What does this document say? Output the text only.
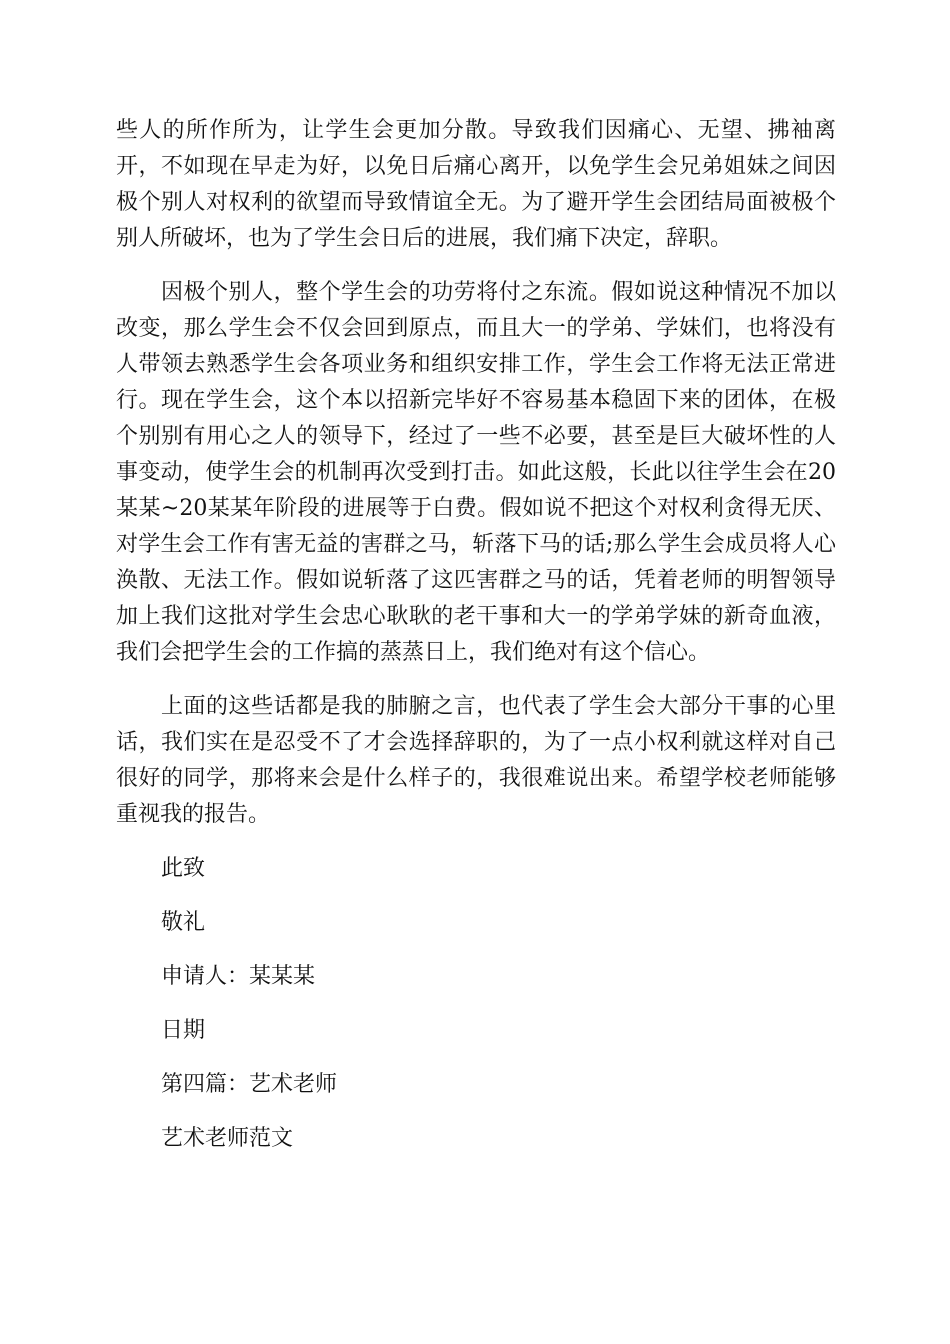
些人的所作所为，让学生会更加分散。导致我们因痛心、无望、拂袖离开，不如现在早走为好，以免日后痛心离开，以免学生会兄弟姐妹之间因极个别人对权利的欲望而导致情谊全无。为了避开学生会团结局面被极个别人所破坏，也为了学生会日后的进展，我们痛下决定，辞职。

因极个别人，整个学生会的功劳将付之东流。假如说这种情况不加以改变，那么学生会不仅会回到原点，而且大一的学弟、学妹们，也将没有人带领去熟悉学生会各项业务和组织安排工作，学生会工作将无法正常进行。现在学生会，这个本以招新完毕好不容易基本稳固下来的团体，在极个别别有用心之人的领导下，经过了一些不必要，甚至是巨大破坏性的人事变动，使学生会的机制再次受到打击。如此这般，长此以往学生会在20某某~20某某年阶段的进展等于白费。假如说不把这个对权利贪得无厌、对学生会工作有害无益的害群之马，斩落下马的话;那么学生会成员将人心涣散、无法工作。假如说斩落了这匹害群之马的话，凭着老师的明智领导加上我们这批对学生会忠心耿耿的老干事和大一的学弟学妹的新奇血液，我们会把学生会的工作搞的蒸蒸日上，我们绝对有这个信心。

上面的这些话都是我的肺腑之言，也代表了学生会大部分干事的心里话，我们实在是忍受不了才会选择辞职的，为了一点小权利就这样对自己很好的同学，那将来会是什么样子的，我很难说出来。希望学校老师能够重视我的报告。

此致

敬礼

申请人：某某某

日期

第四篇：艺术老师

艺术老师范文
